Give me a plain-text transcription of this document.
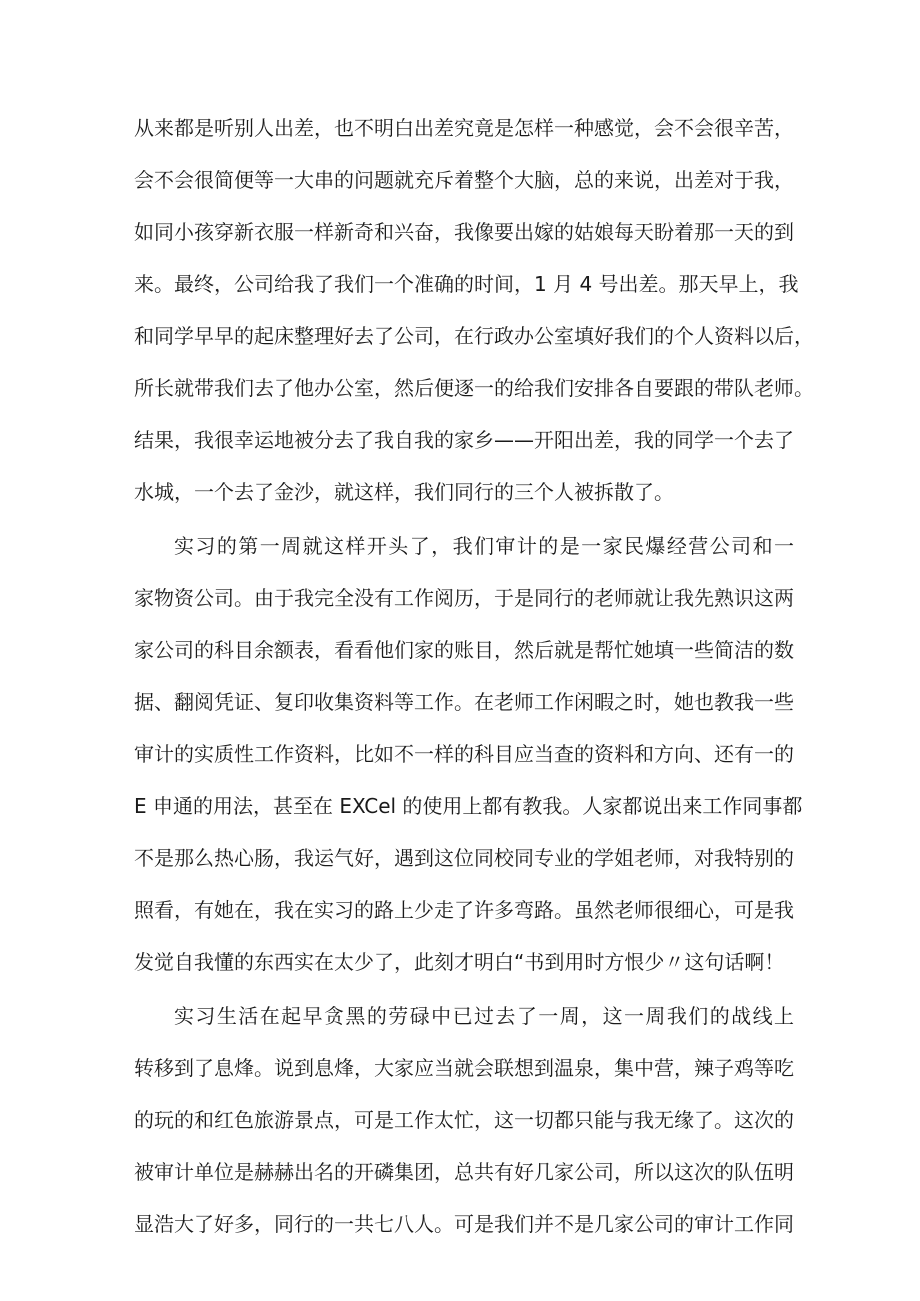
从来都是听别人出差，也不明白出差究竟是怎样一种感觉，会不会很辛苦，

会不会很简便等一大串的问题就充斥着整个大脑，总的来说，出差对于我，

如同小孩穿新衣服一样新奇和兴奋，我像要出嫁的姑娘每天盼着那一天的到

来。最终，公司给我了我们一个准确的时间，1 月 4 号出差。那天早上，我

和同学早早的起床整理好去了公司，在行政办公室填好我们的个人资料以后，

所长就带我们去了他办公室，然后便逐一的给我们安排各自要跟的带队老师。

结果，我很幸运地被分去了我自我的家乡——开阳出差，我的同学一个去了

水城，一个去了金沙，就这样，我们同行的三个人被拆散了。

实习的第一周就这样开头了，我们审计的是一家民爆经营公司和一

家物资公司。由于我完全没有工作阅历，于是同行的老师就让我先熟识这两

家公司的科目余额表，看看他们家的账目，然后就是帮忙她填一些简洁的数

据、翻阅凭证、复印收集资料等工作。在老师工作闲暇之时，她也教我一些

审计的实质性工作资料，比如不一样的科目应当查的资料和方向、还有一的

E 申通的用法，甚至在 EXCel 的使用上都有教我。人家都说出来工作同事都

不是那么热心肠，我运气好，遇到这位同校同专业的学姐老师，对我特别的

照看，有她在，我在实习的路上少走了许多弯路。虽然老师很细心，可是我

发觉自我懂的东西实在太少了，此刻才明白“书到用时方恨少〃这句话啊！

实习生活在起早贪黑的劳碌中已过去了一周，这一周我们的战线上

转移到了息烽。说到息烽，大家应当就会联想到温泉，集中营，辣子鸡等吃

的玩的和红色旅游景点，可是工作太忙，这一切都只能与我无缘了。这次的

被审计单位是赫赫出名的开磷集团，总共有好几家公司，所以这次的队伍明

显浩大了好多，同行的一共七八人。可是我们并不是几家公司的审计工作同
